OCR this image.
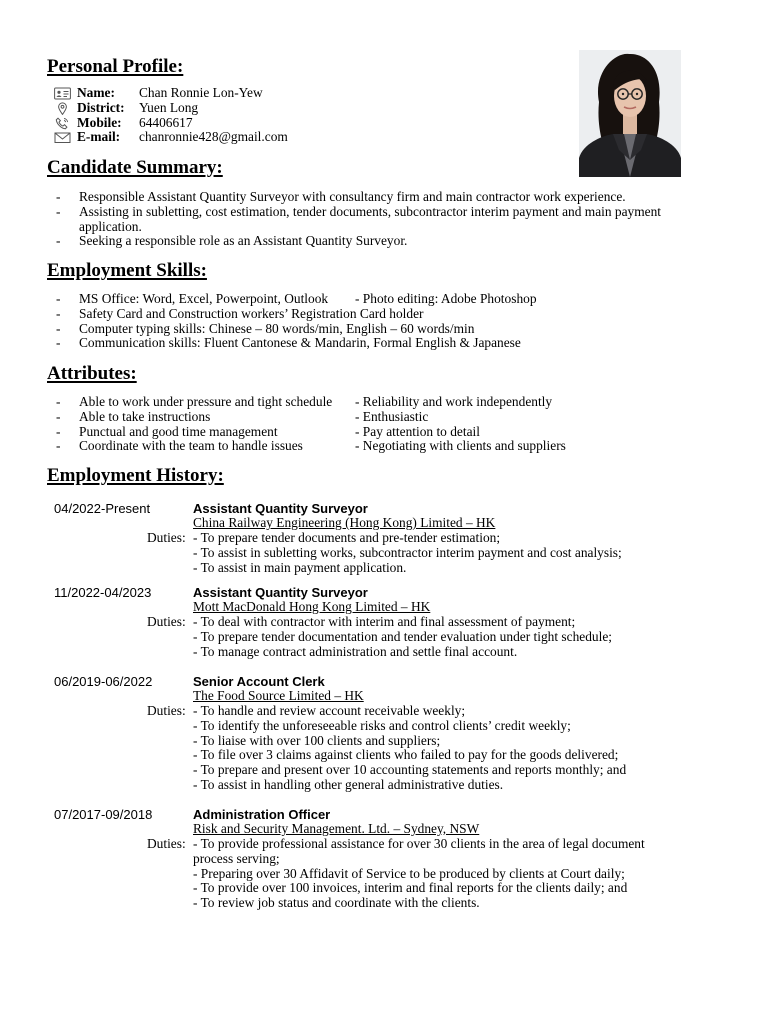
Personal Profile:
Name: Chan Ronnie Lon-Yew
District: Yuen Long
Mobile: 64406617
E-mail: chanronnie428@gmail.com
Candidate Summary:
- Responsible Assistant Quantity Surveyor with consultancy firm and main contractor work experience.
- Assisting in subletting, cost estimation, tender documents, subcontractor interim payment and main payment application.
- Seeking a responsible role as an Assistant Quantity Surveyor.
Employment Skills:
- MS Office: Word, Excel, Powerpoint, Outlook - Photo editing: Adobe Photoshop
- Safety Card and Construction workers’ Registration Card holder
- Computer typing skills: Chinese – 80 words/min, English – 60 words/min
- Communication skills: Fluent Cantonese & Mandarin, Formal English & Japanese
Attributes:
- Able to work under pressure and tight schedule - Reliability and work independently
- Able to take instructions	- Enthusiastic
- Punctual and good time management	- Pay attention to detail
- Coordinate with the team to handle issues	- Negotiating with clients and suppliers
Employment History:
04/2022-Present	Assistant Quantity Surveyor
China Railway Engineering (Hong Kong) Limited – HK
Duties: - To prepare tender documents and pre-tender estimation;

- To assist in subletting works, subcontractor interim payment and cost analysis;

- To assist in main payment application.

11/2022-04/2023	Assistant Quantity Surveyor
Mott MacDonald Hong Kong Limited – HK
Duties: - To deal with contractor with interim and final assessment of payment;

- To prepare tender documentation and tender evaluation under tight schedule;

- To manage contract administration and settle final account.

06/2019-06/2022	Senior Account Clerk
The Food Source Limited – HK
Duties: - To handle and review account receivable weekly;

- To identify the unforeseeable risks and control clients’ credit weekly;

- To liaise with over 100 clients and suppliers;

- To file over 3 claims against clients who failed to pay for the goods delivered;

- To prepare and present over 10 accounting statements and reports monthly; and

- To assist in handling other general administrative duties.

07/2017-09/2018	Administration Officer
Risk and Security Management. Ltd. – Sydney, NSW
Duties: - To provide professional assistance for over 30 clients in the area of legal document process serving;

- Preparing over 30 Affidavit of Service to be produced by clients at Court daily;

- To provide over 100 invoices, interim and final reports for the clients daily; and

- To review job status and coordinate with the clients.
